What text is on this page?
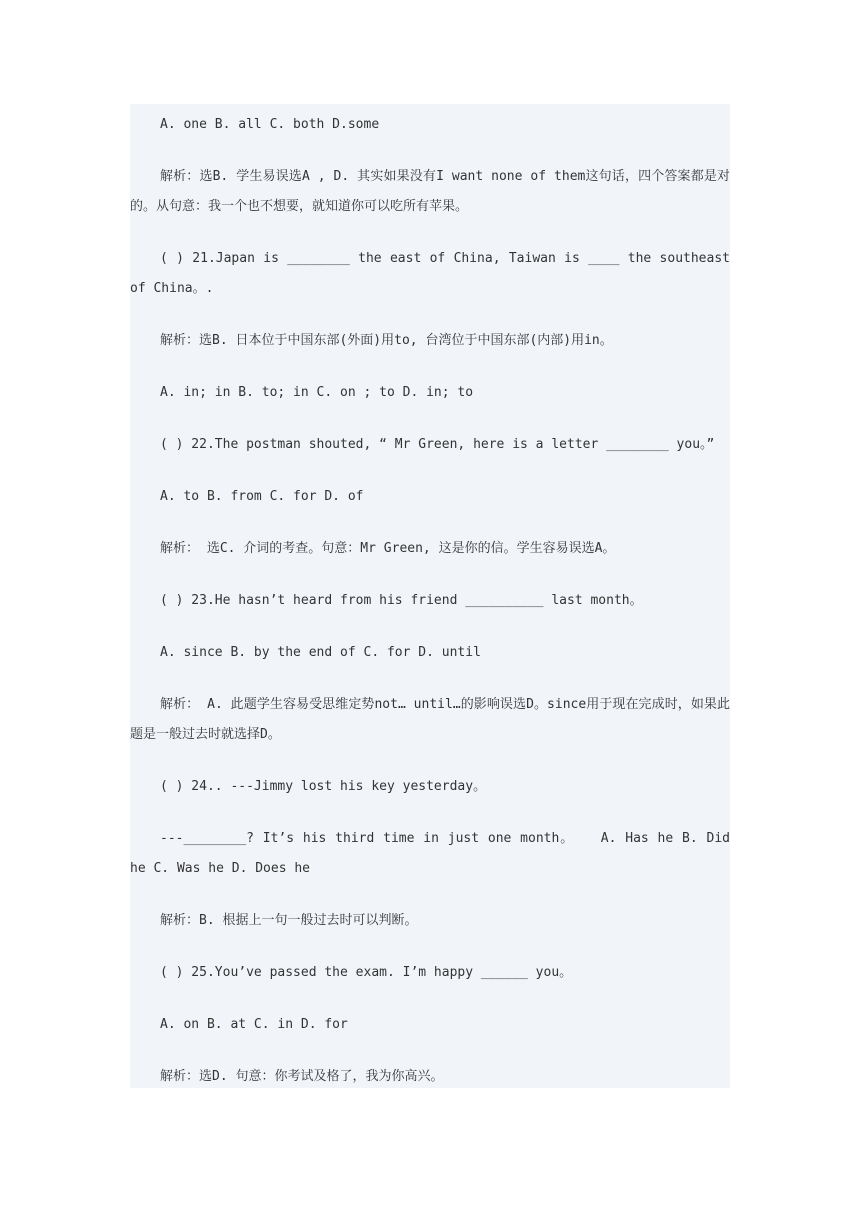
A. one B. all C. both D.some

解析：选B. 学生易误选A , D. 其实如果没有I want none of them这句话，四个答案都是对的。从句意：我一个也不想要，就知道你可以吃所有苹果。

( ) 21.Japan is ________ the east of China, Taiwan is ____ the southeast of China。.

解析：选B. 日本位于中国东部(外面)用to, 台湾位于中国东部(内部)用in。

A. in; in B. to; in C. on ; to D. in; to

( ) 22.The postman shouted, “ Mr Green, here is a letter ________ you。”

A. to B. from C. for D. of

解析： 选C. 介词的考查。句意：Mr Green, 这是你的信。学生容易误选A。

( ) 23.He hasn’t heard from his friend __________ last month。

A. since B. by the end of C. for D. until

解析： A. 此题学生容易受思维定势not… until…的影响误选D。since用于现在完成时，如果此题是一般过去时就选择D。

( ) 24.. ---Jimmy lost his key yesterday。

---________? It’s his third time in just one month。   A. Has he B. Did he C. Was he D. Does he

解析：B. 根据上一句一般过去时可以判断。

( ) 25.You’ve passed the exam. I’m happy ______ you。

A. on B. at C. in D. for

解析：选D. 句意：你考试及格了，我为你高兴。
